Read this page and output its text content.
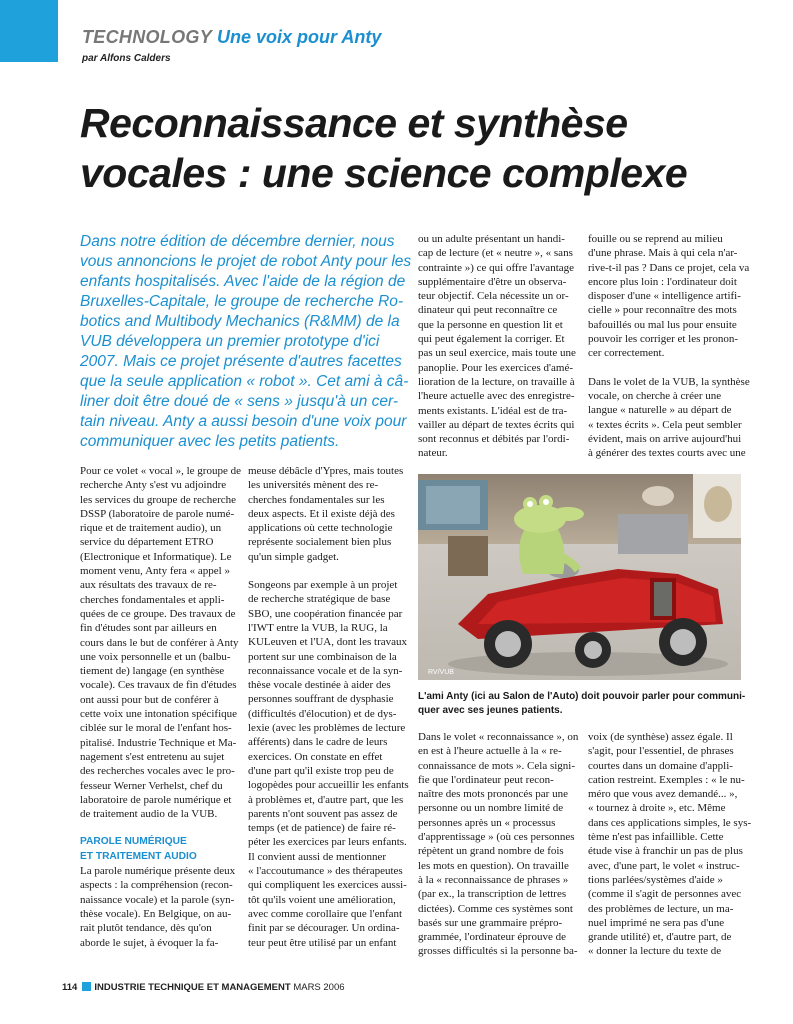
TECHNOLOGY Une voix pour Anty
par Alfons Calders
Reconnaissance et synthèse
vocales : une science complexe
Dans notre édition de décembre dernier, nous
vous annoncions le projet de robot Anty pour les
enfants hospitalisés. Avec l'aide de la région de
Bruxelles-Capitale, le groupe de recherche Ro-
botics and Multibody Mechanics (R&MM) de la
VUB développera un premier prototype d'ici
2007. Mais ce projet présente d'autres facettes
que la seule application « robot ». Cet ami à câ-
liner doit être doué de « sens » jusqu'à un cer-
tain niveau. Anty a aussi besoin d'une voix pour
communiquer avec les petits patients.
Pour ce volet « vocal », le groupe de
recherche Anty s'est vu adjoindre
les services du groupe de recherche
DSSP (laboratoire de parole numé-
rique et de traitement audio), un
service du département ETRO
(Electronique et Informatique). Le
moment venu, Anty fera « appel »
aux résultats des travaux de re-
cherches fondamentales et appli-
quées de ce groupe. Des travaux de
fin d'études sont par ailleurs en
cours dans le but de conférer à Anty
une voix personnelle et un (balbu-
tiement de) langage (en synthèse
vocale). Ces travaux de fin d'études
ont aussi pour but de conférer à
cette voix une intonation spécifique
ciblée sur le moral de l'enfant hos-
pitalisé. Industrie Technique et Ma-
nagement s'est entretenu au sujet
des recherches vocales avec le pro-
fesseur Werner Verhelst, chef du
laboratoire de parole numérique et
de traitement audio de la VUB.
PAROLE NUMÉRIQUE
ET TRAITEMENT AUDIO
La parole numérique présente deux
aspects : la compréhension (recon-
naissance vocale) et la parole (syn-
thèse vocale). En Belgique, on au-
rait plutôt tendance, dès qu'on
aborde le sujet, à évoquer la fa-
meuse débâcle d'Ypres, mais toutes
les universités mènent des re-
cherches fondamentales sur les
deux aspects. Et il existe déjà des
applications où cette technologie
représente socialement bien plus
qu'un simple gadget.
Songeons par exemple à un projet
de recherche stratégique de base
SBO, une coopération financée par
l'IWT entre la VUB, la RUG, la
KULeuven et l'UA, dont les travaux
portent sur une combinaison de la
reconnaissance vocale et de la syn-
thèse vocale destinée à aider des
personnes souffrant de dysphasie
(difficultés d'élocution) et de dys-
lexie (avec les problèmes de lecture
afférents) dans le cadre de leurs
exercices. On constate en effet
d'une part qu'il existe trop peu de
logopèdes pour accueillir les enfants
à problèmes et, d'autre part, que les
parents n'ont souvent pas assez de
temps (et de patience) de faire ré-
péter les exercices par leurs enfants.
Il convient aussi de mentionner
« l'accoutumance » des thérapeutes
qui compliquent les exercices aussi-
tôt qu'ils voient une amélioration,
avec comme corollaire que l'enfant
finit par se décourager. Un ordina-
teur peut être utilisé par un enfant
ou un adulte présentant un handi-
cap de lecture (et « neutre », « sans
contrainte ») ce qui offre l'avantage
supplémentaire d'être un observa-
teur objectif. Cela nécessite un or-
dinateur qui peut reconnaître ce
que la personne en question lit et
qui peut également la corriger. Et
pas un seul exercice, mais toute une
panoplie. Pour les exercices d'amé-
lioration de la lecture, on travaille à
l'heure actuelle avec des enregistre-
ments existants. L'idéal est de tra-
vailler au départ de textes écrits qui
sont reconnus et débités par l'ordi-
nateur.
fouille ou se reprend au milieu
d'une phrase. Mais à qui cela n'ar-
rive-t-il pas ? Dans ce projet, cela va
encore plus loin : l'ordinateur doit
disposer d'une « intelligence artifi-
cielle » pour reconnaître des mots
bafouillés ou mal lus pour ensuite
pouvoir les corriger et les pronon-
cer correctement.
Dans le volet de la VUB, la synthèse
vocale, on cherche à créer une
langue « naturelle » au départ de
« textes écrits ». Cela peut sembler
évident, mais on arrive aujourd'hui
à générer des textes courts avec une
RV/VUB
L'ami Anty (ici au Salon de l'Auto) doit pouvoir parler pour communi-
quer avec ses jeunes patients.
Dans le volet « reconnaissance », on
en est à l'heure actuelle à la « re-
connaissance de mots ». Cela signi-
fie que l'ordinateur peut recon-
naître des mots prononcés par une
personne ou un nombre limité de
personnes après un « processus
d'apprentissage » (où ces personnes
répètent un grand nombre de fois
les mots en question). On travaille
à la « reconnaissance de phrases »
(par ex., la transcription de lettres
dictées). Comme ces systèmes sont
basés sur une grammaire prépro-
grammée, l'ordinateur éprouve de
grosses difficultés si la personne ba-
voix (de synthèse) assez égale. Il
s'agit, pour l'essentiel, de phrases
courtes dans un domaine d'appli-
cation restreint. Exemples : « le nu-
méro que vous avez demandé... »,
« tournez à droite », etc. Même
dans ces applications simples, le sys-
tème n'est pas infaillible. Cette
étude vise à franchir un pas de plus
avec, d'une part, le volet « instruc-
tions parlées/systèmes d'aide »
(comme il s'agit de personnes avec
des problèmes de lecture, un ma-
nuel imprimé ne sera pas d'une
grande utilité) et, d'autre part, de
« donner la lecture du texte de
114 INDUSTRIE TECHNIQUE ET MANAGEMENT MARS 2006
